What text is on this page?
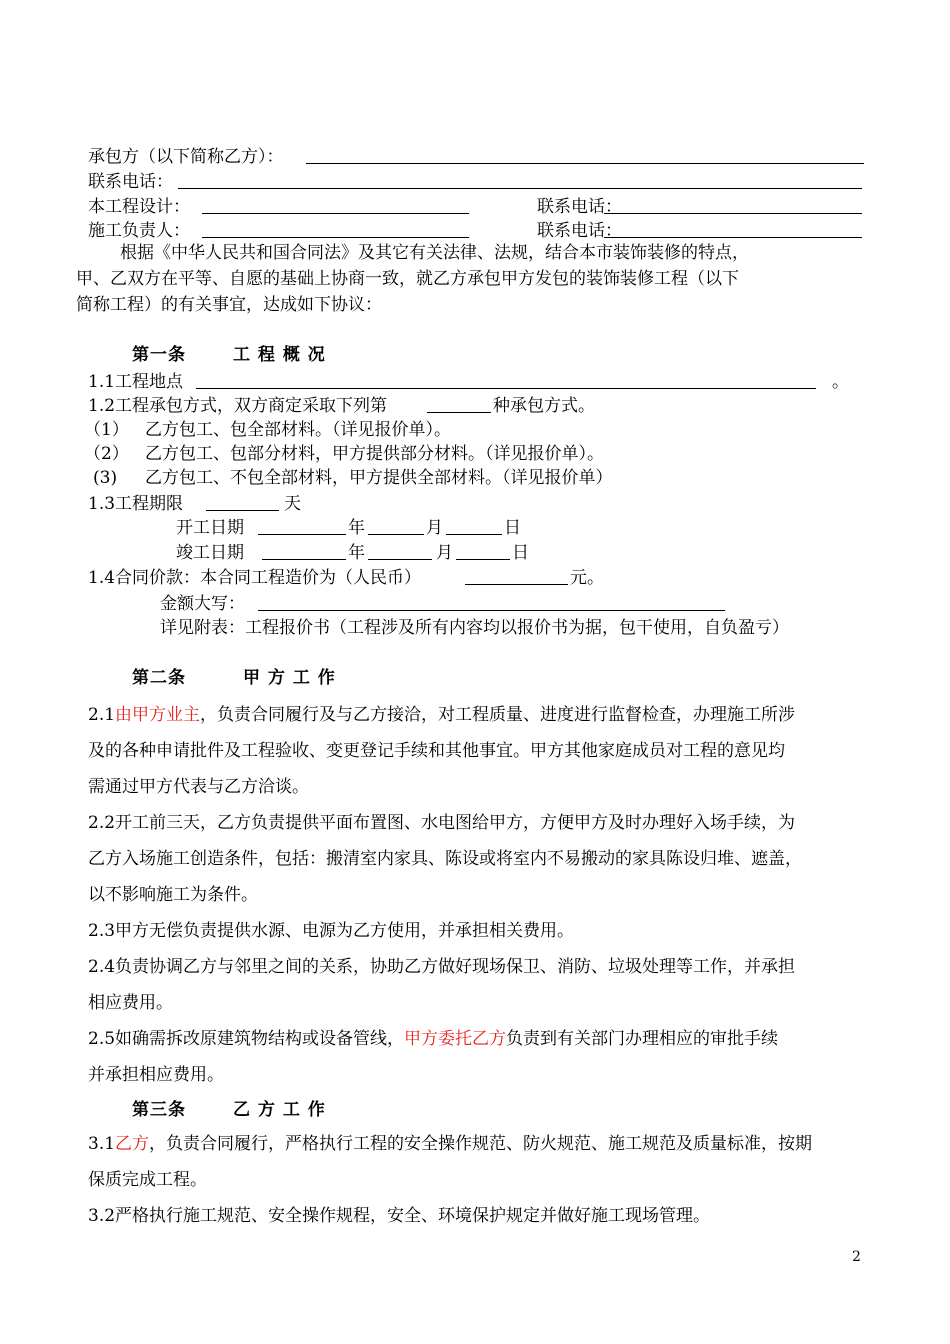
承包方（以下简称乙方）：
联系电话：
本工程设计：	联系电话：
施工负责人：	联系电话：
根据《中华人民共和国合同法》及其它有关法律、法规，结合本市装饰装修的特点，
甲、乙双方在平等、自愿的基础上协商一致，就乙方承包甲方发包的装饰装修工程（以下
简称工程）的有关事宜，达成如下协议：
第一条	工 程 概 况
1.1工程地点	。
1.2工程承包方式，双方商定采取下列第	种承包方式。
（1） 乙方包工、包全部材料。（详见报价单）。
（2） 乙方包工、包部分材料，甲方提供部分材料。（详见报价单）。
(3) 乙方包工、不包全部材料，甲方提供全部材料。（详见报价单）
1.3工程期限	天
开工日期	年	月	日
竣工日期	年	月	日
1.4合同价款：本合同工程造价为（人民币）	元。
金额大写：
详见附表：工程报价书（工程涉及所有内容均以报价书为据，包干使用，自负盈亏）
第二条	甲 方 工 作
2.1由甲方业主，负责合同履行及与乙方接洽，对工程质量、进度进行监督检查，办理施工所涉
及的各种申请批件及工程验收、变更登记手续和其他事宜。甲方其他家庭成员对工程的意见均
需通过甲方代表与乙方洽谈。
2.2开工前三天，乙方负责提供平面布置图、水电图给甲方，方便甲方及时办理好入场手续，为
乙方入场施工创造条件，包括：搬清室内家具、陈设或将室内不易搬动的家具陈设归堆、遮盖，
以不影响施工为条件。
2.3甲方无偿负责提供水源、电源为乙方使用，并承担相关费用。
2.4负责协调乙方与邻里之间的关系，协助乙方做好现场保卫、消防、垃圾处理等工作，并承担
相应费用。
2.5如确需拆改原建筑物结构或设备管线，甲方委托乙方负责到有关部门办理相应的审批手续
并承担相应费用。
第三条	乙 方 工 作
3.1乙方，负责合同履行，严格执行工程的安全操作规范、防火规范、施工规范及质量标准，按期
保质完成工程。
3.2严格执行施工规范、安全操作规程，安全、环境保护规定并做好施工现场管理。
2
